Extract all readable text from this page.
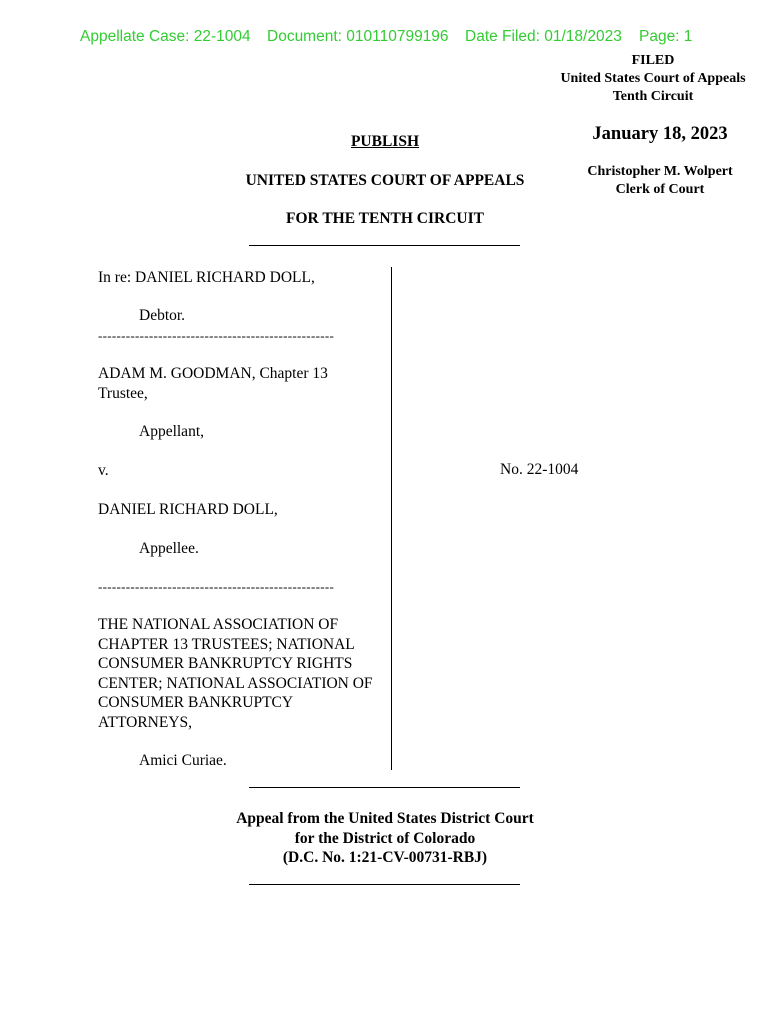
Appellate Case: 22-1004 Document: 010110799196 Date Filed: 01/18/2023 Page: 1
FILED
United States Court of Appeals
Tenth Circuit
January 18, 2023
Christopher M. Wolpert
Clerk of Court
PUBLISH
UNITED STATES COURT OF APPEALS
FOR THE TENTH CIRCUIT
In re: DANIEL RICHARD DOLL,
Debtor.
---------------------------------------------------
ADAM M. GOODMAN, Chapter 13 Trustee,
Appellant,
v.
DANIEL RICHARD DOLL,
Appellee.
---------------------------------------------------
THE NATIONAL ASSOCIATION OF CHAPTER 13 TRUSTEES; NATIONAL CONSUMER BANKRUPTCY RIGHTS CENTER; NATIONAL ASSOCIATION OF CONSUMER BANKRUPTCY ATTORNEYS,
Amici Curiae.
No. 22-1004
Appeal from the United States District Court
for the District of Colorado
(D.C. No. 1:21-CV-00731-RBJ)
